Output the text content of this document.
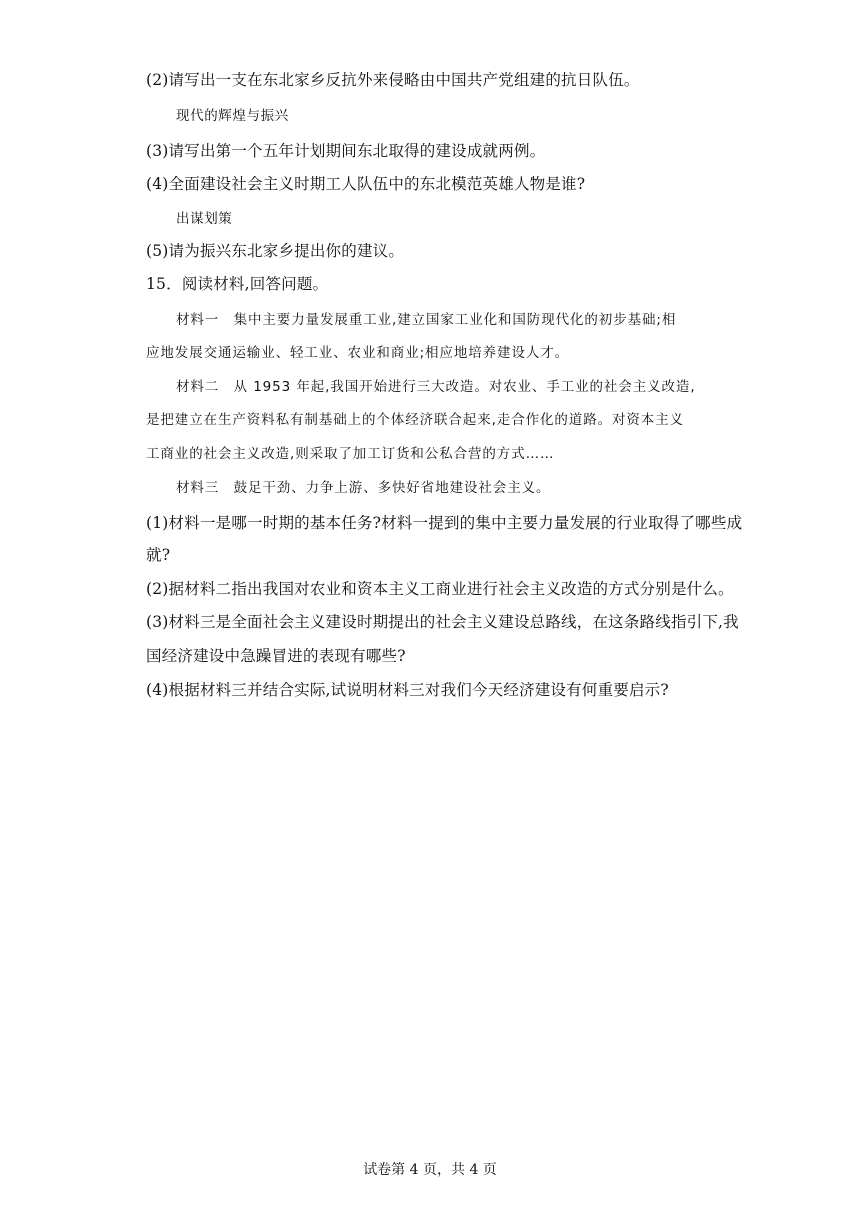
(2)请写出一支在东北家乡反抗外来侵略由中国共产党组建的抗日队伍。
现代的辉煌与振兴
(3)请写出第一个五年计划期间东北取得的建设成就两例。
(4)全面建设社会主义时期工人队伍中的东北模范英雄人物是谁?
出谋划策
(5)请为振兴东北家乡提出你的建议。
15．阅读材料,回答问题。
材料一　集中主要力量发展重工业,建立国家工业化和国防现代化的初步基础;相
应地发展交通运输业、轻工业、农业和商业;相应地培养建设人才。
材料二　从 1953 年起,我国开始进行三大改造。对农业、手工业的社会主义改造,
是把建立在生产资料私有制基础上的个体经济联合起来,走合作化的道路。对资本主义
工商业的社会主义改造,则采取了加工订货和公私合营的方式……
材料三　鼓足干劲、力争上游、多快好省地建设社会主义。
(1)材料一是哪一时期的基本任务?材料一提到的集中主要力量发展的行业取得了哪些成
就?
(2)据材料二指出我国对农业和资本主义工商业进行社会主义改造的方式分别是什么。
(3)材料三是全面社会主义建设时期提出的社会主义建设总路线，在这条路线指引下,我
国经济建设中急躁冒进的表现有哪些?
(4)根据材料三并结合实际,试说明材料三对我们今天经济建设有何重要启示?
试卷第 4 页，共 4 页
